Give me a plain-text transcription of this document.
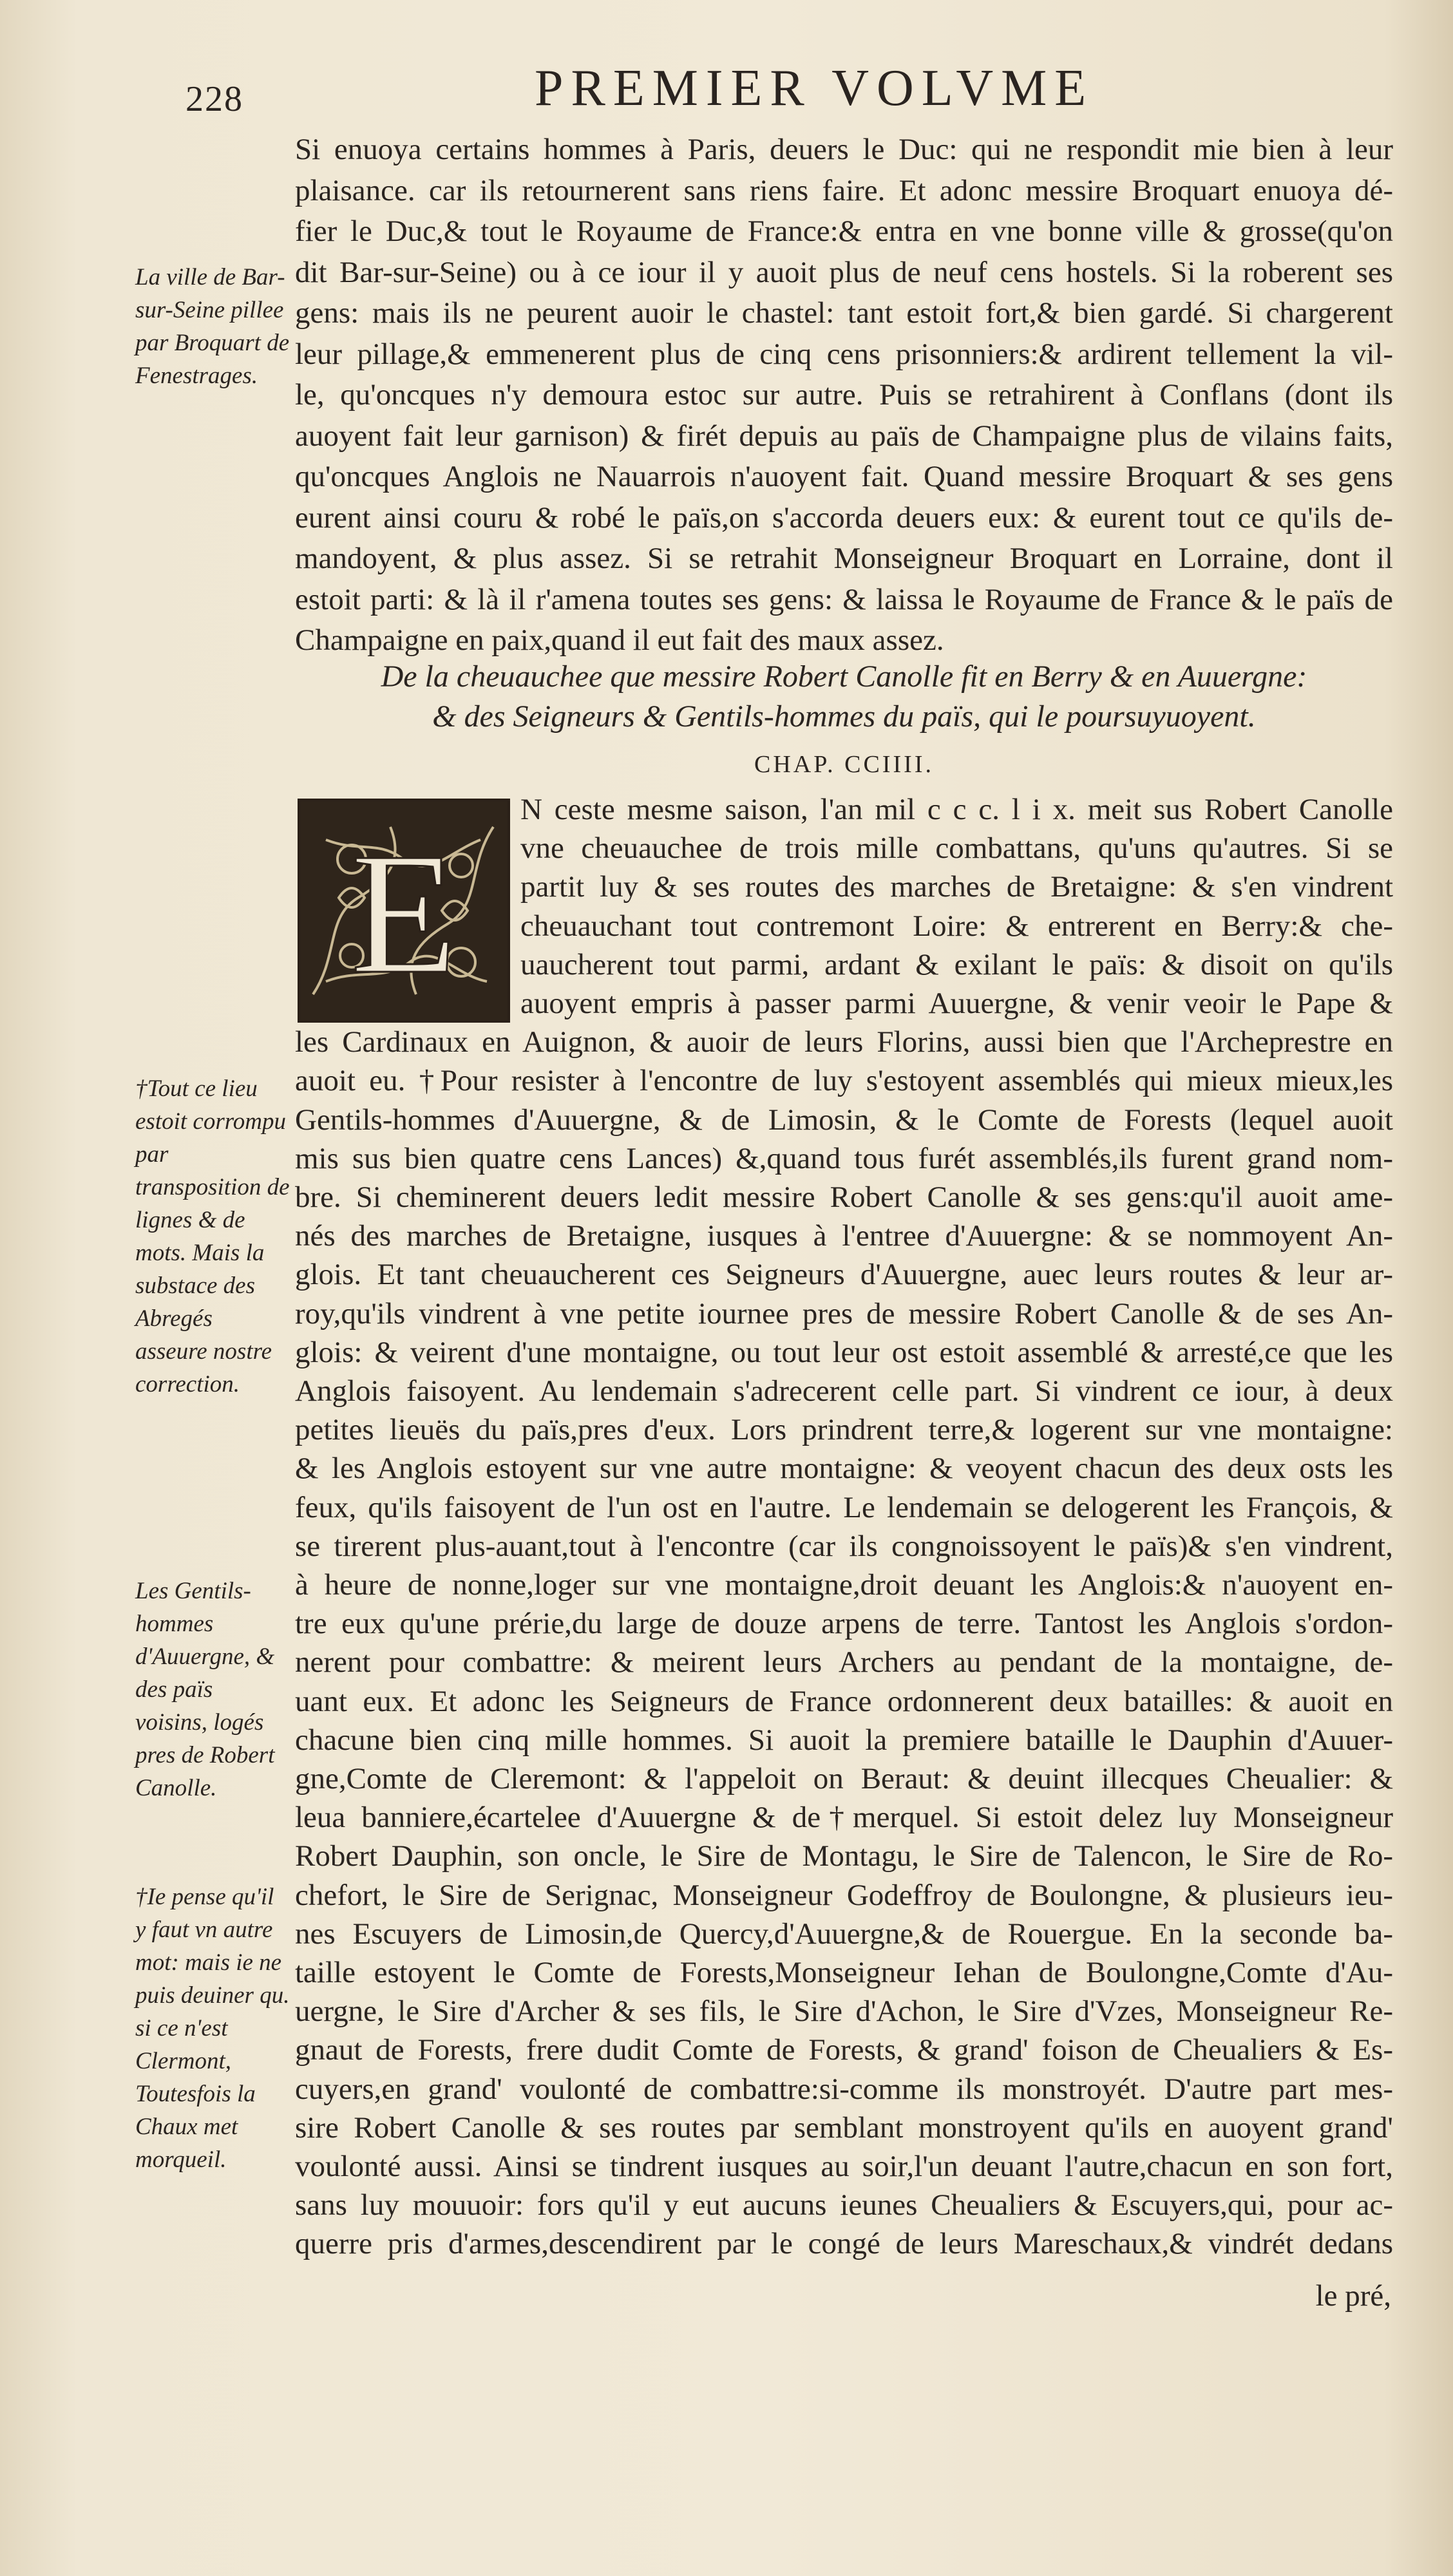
228	PREMIER VOLVME
La ville de Bar-sur-Seine pillee par Broquart de Fenestrages.
†Tout ce lieu estoit corrompu par transposition de lignes & de mots. Mais la substace des Abregés asseure nostre correction.
Les Gentils-hommes d'Auuergne, & des païs voisins, logés pres de Robert Canolle.
†Ie pense qu'il y faut vn autre mot: mais ie ne puis deuiner qu. si ce n'est Clermont, Toutesfois la Chaux met morqueil.
Si enuoya certains hommes à Paris, deuers le Duc: qui ne respondit mie bien à leur
plaisance. car ils retournerent sans riens faire. Et adonc messire Broquart enuoya dé-
fier le Duc,& tout le Royaume de France:& entra en vne bonne ville & grosse(qu'on
dit Bar-sur-Seine) ou à ce iour il y auoit plus de neuf cens hostels. Si la roberent ses
gens: mais ils ne peurent auoir le chastel: tant estoit fort,& bien gardé. Si chargerent
leur pillage,& emmenerent plus de cinq cens prisonniers:& ardirent tellement la vil-
le, qu'oncques n'y demoura estoc sur autre. Puis se retrahirent à Conflans (dont ils
auoyent fait leur garnison) & firét depuis au païs de Champaigne plus de vilains faits,
qu'oncques Anglois ne Nauarrois n'auoyent fait. Quand messire Broquart & ses gens
eurent ainsi couru & robé le païs,on s'accorda deuers eux: & eurent tout ce qu'ils de-
mandoyent, & plus assez. Si se retrahit Monseigneur Broquart en Lorraine, dont il
estoit parti: & là il r'amena toutes ses gens: & laissa le Royaume de France & le païs de
Champaigne en paix,quand il eut fait des maux assez.
De la cheuauchee que messire Robert Canolle fit en Berry & en Auuergne:
& des Seigneurs & Gentils-hommes du païs, qui le poursuyuoyent.
CHAP. CCIIII.
E
N ceste mesme saison, l'an mil c c c. l i x. meit sus Robert Canolle
vne cheuauchee de trois mille combattans, qu'uns qu'autres. Si se
partit luy & ses routes des marches de Bretaigne: & s'en vindrent
cheuauchant tout contremont Loire: & entrerent en Berry:& che-
uaucherent tout parmi, ardant & exilant le païs: & disoit on qu'ils
auoyent empris à passer parmi Auuergne, & venir veoir le Pape &
les Cardinaux en Auignon, & auoir de leurs Florins, aussi bien que l'Archeprestre en
auoit eu. †Pour resister à l'encontre de luy s'estoyent assemblés qui mieux mieux,les
Gentils-hommes d'Auuergne, & de Limosin, & le Comte de Forests (lequel auoit
mis sus bien quatre cens Lances) &,quand tous furét assemblés,ils furent grand nom-
bre. Si cheminerent deuers ledit messire Robert Canolle & ses gens:qu'il auoit ame-
nés des marches de Bretaigne, iusques à l'entree d'Auuergne: & se nommoyent An-
glois. Et tant cheuaucherent ces Seigneurs d'Auuergne, auec leurs routes & leur ar-
roy,qu'ils vindrent à vne petite iournee pres de messire Robert Canolle & de ses An-
glois: & veirent d'une montaigne, ou tout leur ost estoit assemblé & arresté,ce que les
Anglois faisoyent. Au lendemain s'adrecerent celle part. Si vindrent ce iour, à deux
petites lieuës du païs,pres d'eux. Lors prindrent terre,& logerent sur vne montaigne:
& les Anglois estoyent sur vne autre montaigne: & veoyent chacun des deux osts les
feux, qu'ils faisoyent de l'un ost en l'autre. Le lendemain se delogerent les François, &
se tirerent plus-auant,tout à l'encontre (car ils congnoissoyent le païs)& s'en vindrent,
à heure de nonne,loger sur vne montaigne,droit deuant les Anglois:& n'auoyent en-
tre eux qu'une prérie,du large de douze arpens de terre. Tantost les Anglois s'ordon-
nerent pour combattre: & meirent leurs Archers au pendant de la montaigne, de-
uant eux. Et adonc les Seigneurs de France ordonnerent deux batailles: & auoit en
chacune bien cinq mille hommes. Si auoit la premiere bataille le Dauphin d'Auuer-
gne,Comte de Cleremont: & l'appeloit on Beraut: & deuint illecques Cheualier: &
leua banniere,écartelee d'Auuergne & de†merquel. Si estoit delez luy Monseigneur
Robert Dauphin, son oncle, le Sire de Montagu, le Sire de Talencon, le Sire de Ro-
chefort, le Sire de Serignac, Monseigneur Godeffroy de Boulongne, & plusieurs ieu-
nes Escuyers de Limosin,de Quercy,d'Auuergne,& de Rouergue. En la seconde ba-
taille estoyent le Comte de Forests,Monseigneur Iehan de Boulongne,Comte d'Au-
uergne, le Sire d'Archer & ses fils, le Sire d'Achon, le Sire d'Vzes, Monseigneur Re-
gnaut de Forests, frere dudit Comte de Forests, & grand' foison de Cheualiers & Es-
cuyers,en grand' voulonté de combattre:si-comme ils monstroyét. D'autre part mes-
sire Robert Canolle & ses routes par semblant monstroyent qu'ils en auoyent grand'
voulonté aussi. Ainsi se tindrent iusques au soir,l'un deuant l'autre,chacun en son fort,
sans luy mouuoir: fors qu'il y eut aucuns ieunes Cheualiers & Escuyers,qui, pour ac-
querre pris d'armes,descendirent par le congé de leurs Mareschaux,& vindrét dedans
le pré,
